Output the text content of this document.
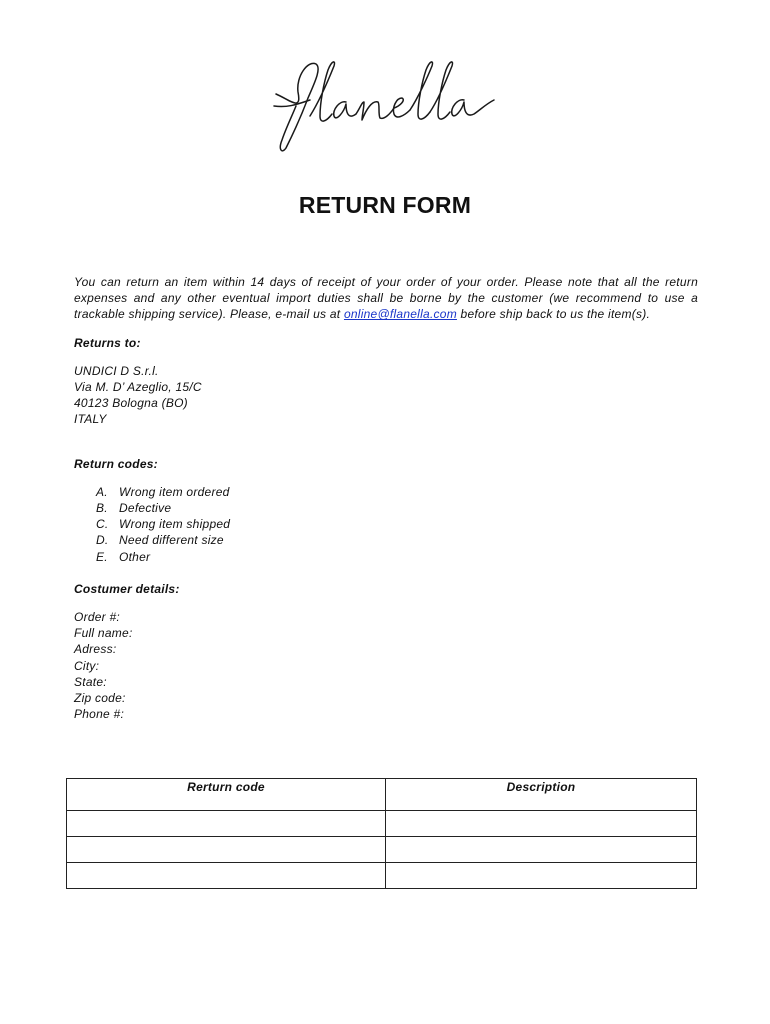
RETURN FORM

You can return an item within 14 days of receipt of your order of your order. Please note that all the return expenses and any other eventual import duties shall be borne by the customer (we recommend to use a trackable shipping service). Please, e-mail us at online@flanella.com before ship back to us the item(s).

Returns to:

UNDICI D S.r.l.
Via M. D’ Azeglio, 15/C
40123 Bologna (BO)
ITALY

Return codes:

A. Wrong item ordered
B. Defective
C. Wrong item shipped
D. Need different size
E. Other

Costumer details:

Order #:
Full name:
Adress:
City:
State:
Zip code:
Phone #:
Rerturn code	Description
